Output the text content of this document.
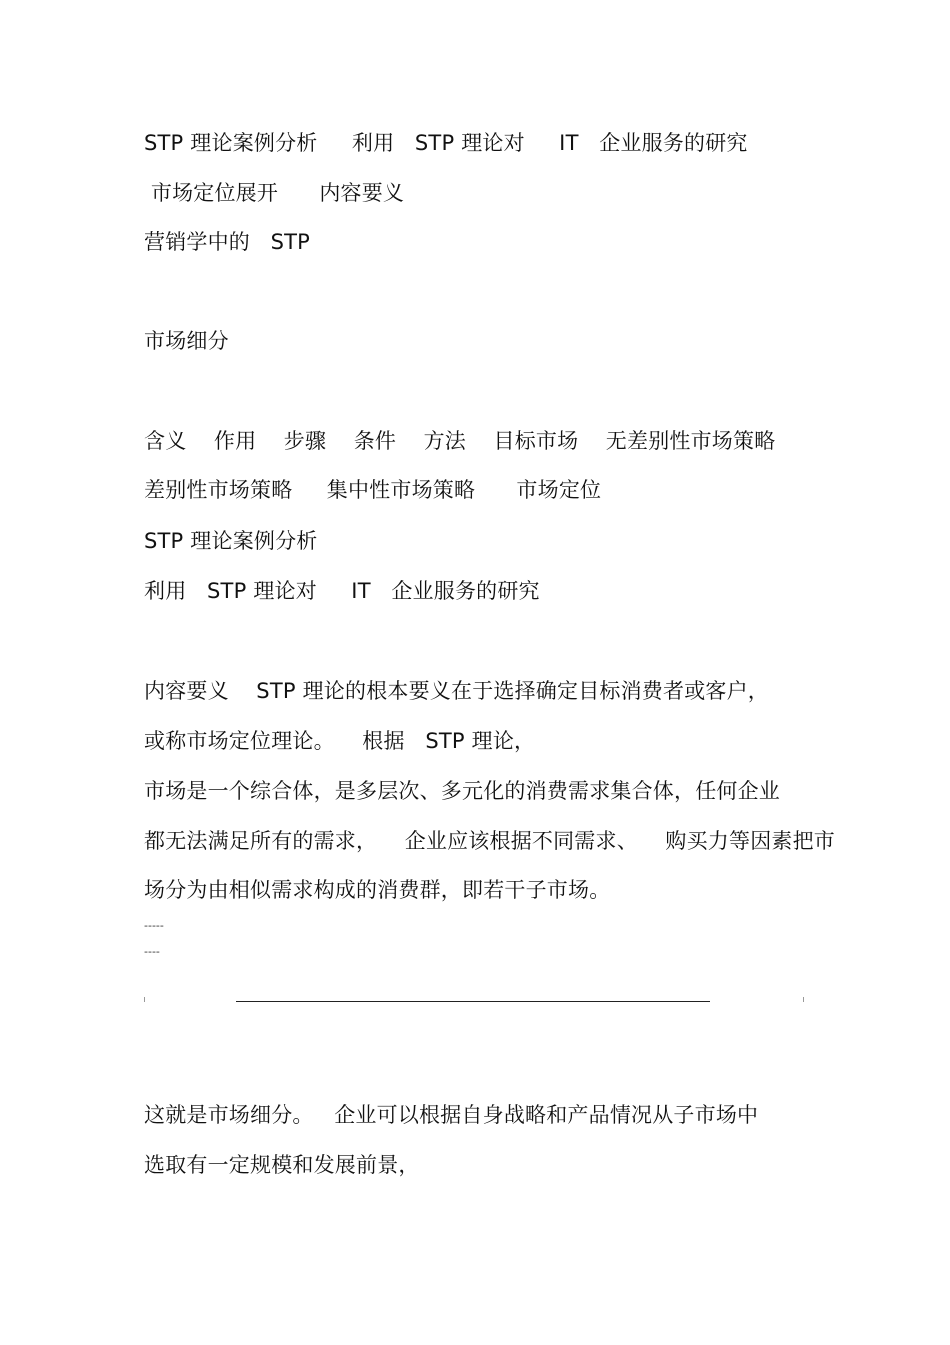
STP 理论案例分析     利用   STP 理论对     IT   企业服务的研究

市场定位展开      内容要义

营销学中的   STP

市场细分

含义    作用    步骤    条件    方法    目标市场    无差别性市场策略

差别性市场策略     集中性市场策略      市场定位

STP 理论案例分析

利用   STP 理论对     IT   企业服务的研究

内容要义    STP 理论的根本要义在于选择确定目标消费者或客户，

或称市场定位理论。    根据   STP 理论，

市场是一个综合体，是多层次、多元化的消费需求集合体，任何企业

都无法满足所有的需求，    企业应该根据不同需求、    购买力等因素把市

场分为由相似需求构成的消费群，即若干子市场。

-----

----

这就是市场细分。   企业可以根据自身战略和产品情况从子市场中

选取有一定规模和发展前景，
